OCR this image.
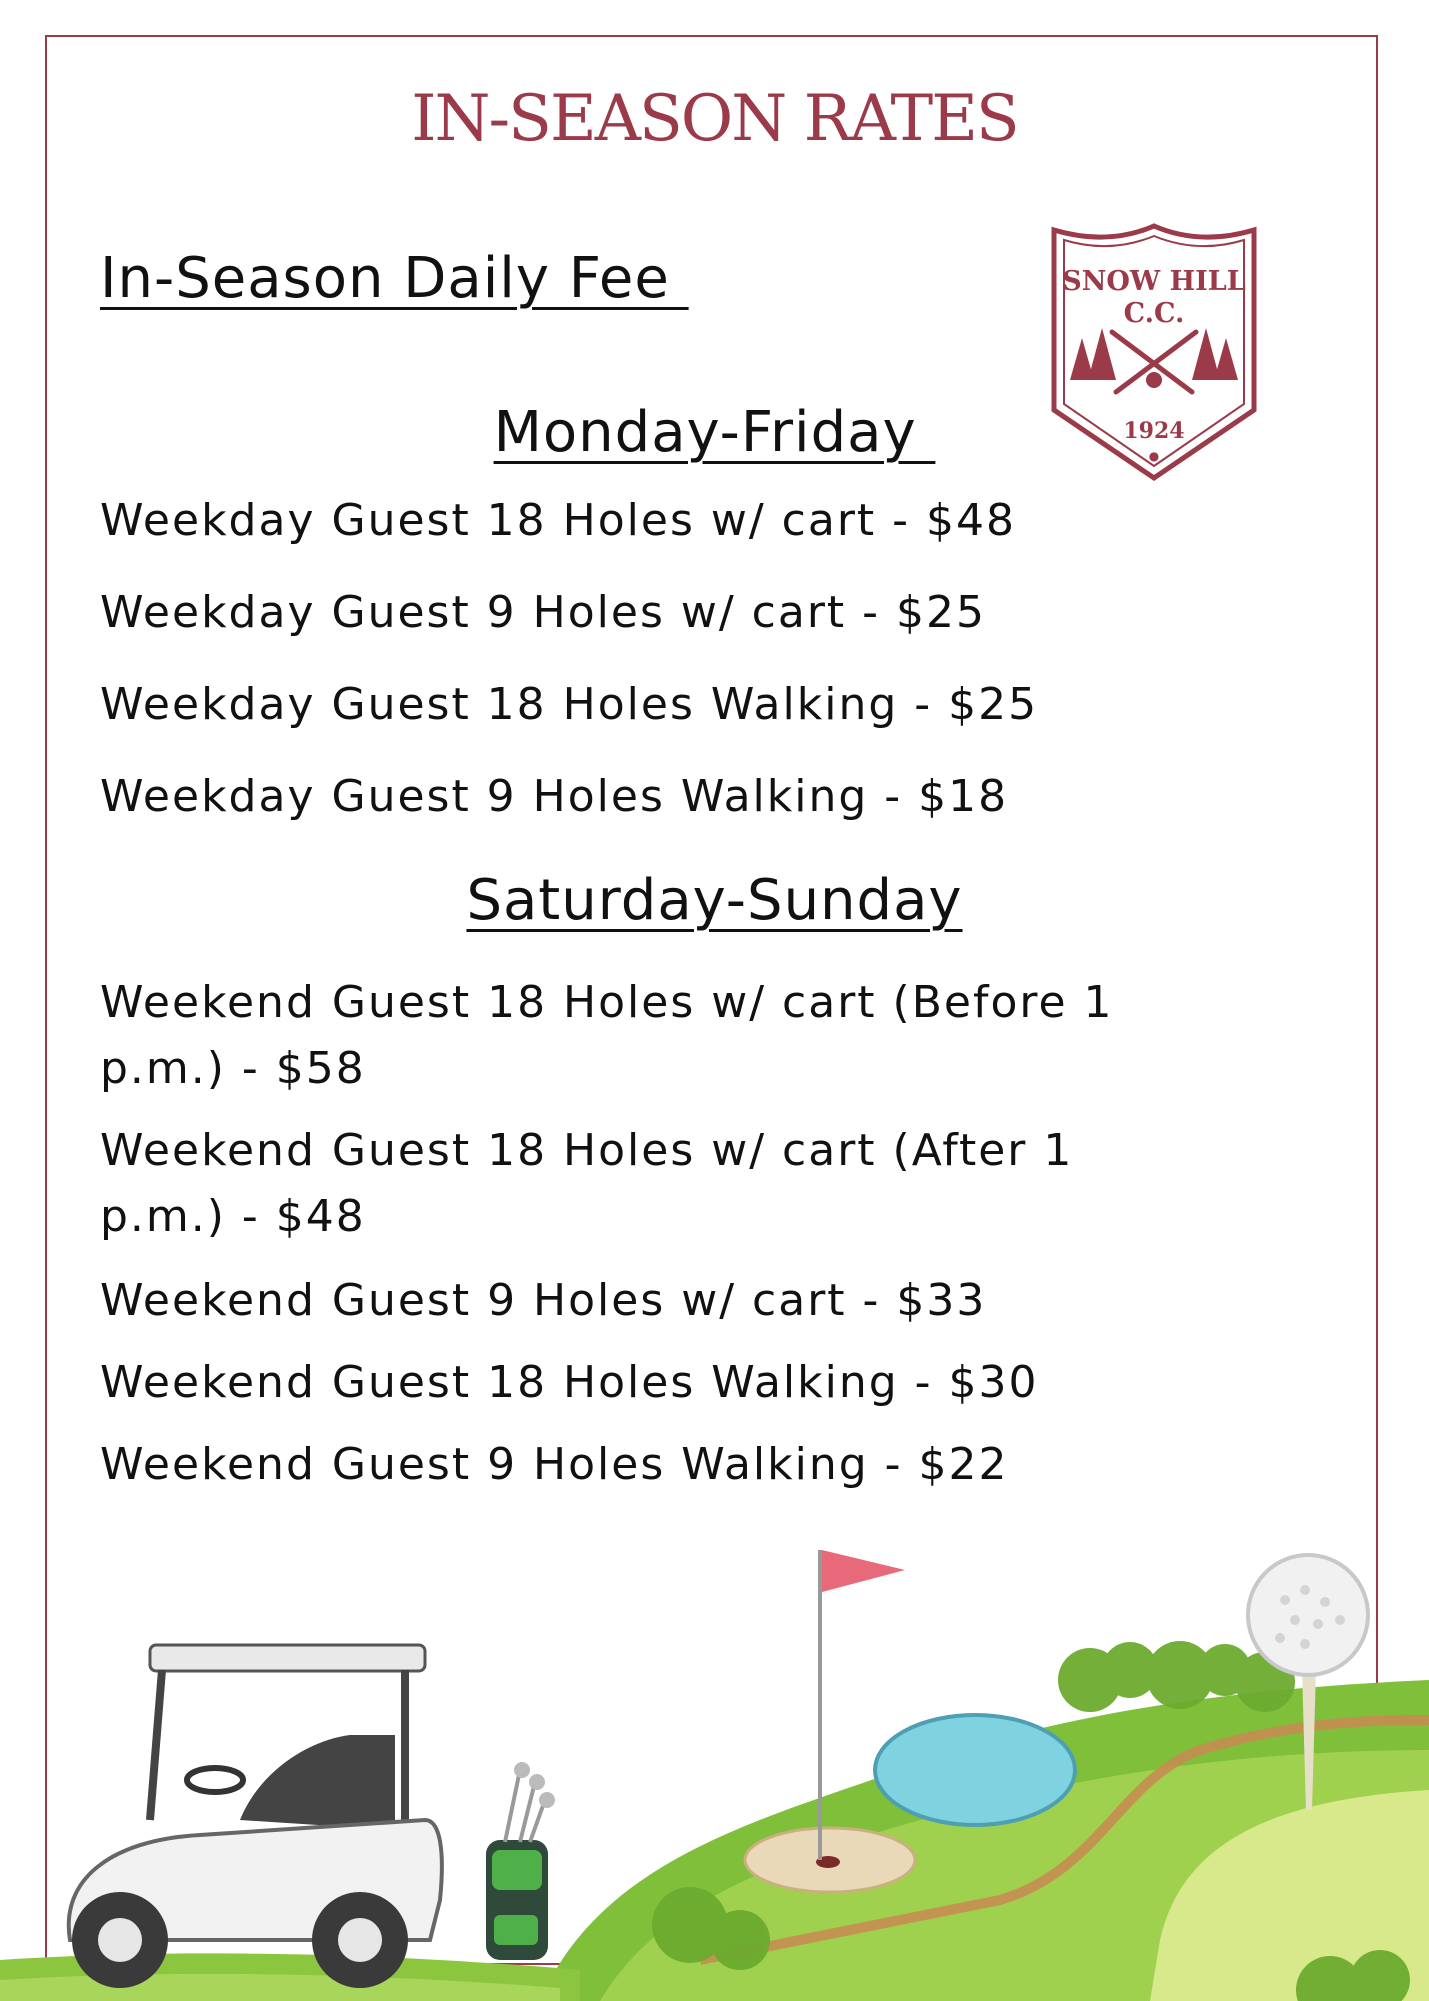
IN-SEASON RATES
In-Season Daily Fee	SNOW HILL
C.C.
1924
●
Monday-Friday
Weekday Guest 18 Holes w/ cart - $48
Weekday Guest 9 Holes w/ cart - $25
Weekday Guest 18 Holes Walking - $25
Weekday Guest 9 Holes Walking - $18
Saturday-Sunday
Weekend Guest 18 Holes w/ cart (Before 1 p.m.) - $58
Weekend Guest 18 Holes w/ cart (After 1 p.m.) - $48
Weekend Guest 9 Holes w/ cart - $33
Weekend Guest 18 Holes Walking - $30
Weekend Guest 9 Holes Walking - $22
